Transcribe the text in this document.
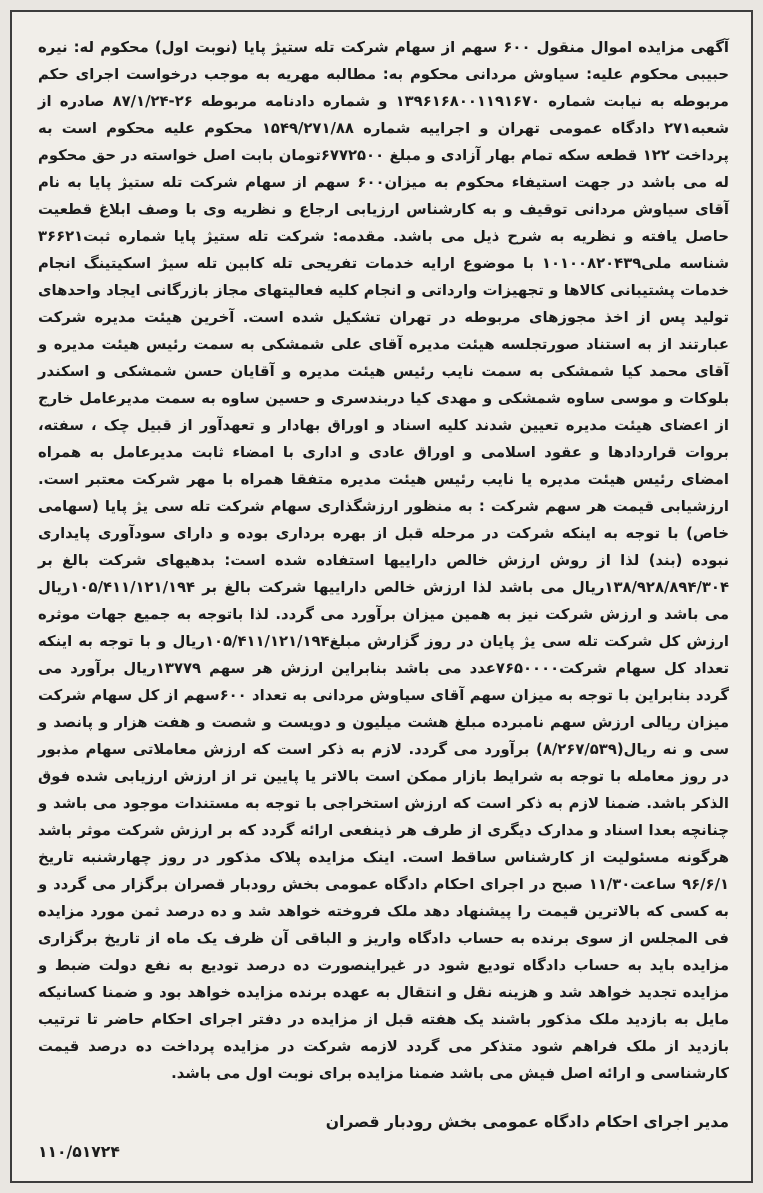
آگهی مزایده اموال منقول ۶۰۰ سهم از سهام شرکت تله ستیژ پایا (نوبت اول) محکوم له: نیره حبیبی محکوم علیه: سیاوش مردانی محکوم به: مطالبه مهریه به موجب درخواست اجرای حکم مربوطه به نیابت شماره ۱۳۹۶۱۶۸۰۰۱۱۹۱۶۷۰ و شماره دادنامه مربوطه ۲۶-۸۷/۱/۲۴ صادره از شعبه۲۷۱ دادگاه عمومی تهران و اجراییه شماره ۱۵۴۹/۲۷۱/۸۸ محکوم علیه محکوم است به پرداخت ۱۲۲ قطعه سکه تمام بهار آزادی و مبلغ ۶۷۷۲۵۰۰تومان بابت اصل خواسته در حق محکوم له می باشد در جهت استیفاء محکوم به میزان۶۰۰ سهم از سهام شرکت تله ستیژ پایا به نام آقای سیاوش مردانی توقیف و به کارشناس ارزیابی ارجاع و نظریه وی با وصف ابلاغ قطعیت حاصل یافته و نظریه به شرح ذیل می باشد. مقدمه: شرکت تله ستیژ پایا شماره ثبت۳۶۶۲۱ شناسه ملی۱۰۱۰۰۸۲۰۴۳۹ با موضوع ارایه خدمات تفریحی تله کابین تله سیژ اسکیتینگ انجام خدمات پشتیبانی کالاها و تجهیزات وارداتی و انجام کلیه فعالیتهای مجاز بازرگانی ایجاد واحدهای تولید پس از اخذ مجوزهای مربوطه در تهران تشکیل شده است. آخرین هیئت مدیره شرکت عبارتند از به استناد صورتجلسه هیئت مدیره آقای علی شمشکی به سمت رئیس هیئت مدیره و آقای محمد کیا شمشکی به سمت نایب رئیس هیئت مدیره و آقایان حسن شمشکی و اسکندر بلوکات و موسی ساوه شمشکی و مهدی کیا دربندسری و حسین ساوه به سمت مدیرعامل خارج از اعضای هیئت مدیره تعیین شدند کلیه اسناد و اوراق بهادار و تعهدآور از قبیل چک ، سفته، بروات قراردادها و عقود اسلامی و اوراق عادی و اداری با امضاء ثابت مدیرعامل به همراه امضای رئیس هیئت مدیره یا نایب رئیس هیئت مدیره متفقا همراه با مهر شرکت معتبر است. ارزشیابی قیمت هر سهم شرکت : به منظور ارزشگذاری سهام شرکت تله سی یژ پایا (سهامی خاص) با توجه به اینکه شرکت در مرحله قبل از بهره برداری بوده و دارای سودآوری پایداری نبوده (بند) لذا از روش ارزش خالص داراییها استفاده شده است: بدهیهای شرکت بالغ بر ۱۳۸/۹۲۸/۸۹۴/۳۰۴ریال می باشد لذا ارزش خالص داراییها شرکت بالغ بر ۱۰۵/۴۱۱/۱۲۱/۱۹۴ریال می باشد و ارزش شرکت نیز به همین میزان برآورد می گردد. لذا باتوجه به جمیع جهات موثره ارزش کل شرکت تله سی یژ پایان در روز گزارش مبلغ۱۰۵/۴۱۱/۱۲۱/۱۹۴ریال و با توجه به اینکه تعداد کل سهام شرکت۷۶۵۰۰۰۰عدد می باشد بنابراین ارزش هر سهم ۱۳۷۷۹ریال برآورد می گردد بنابراین با توجه به میزان سهم آقای سیاوش مردانی به تعداد ۶۰۰سهم از کل سهام شرکت میزان ریالی ارزش سهم نامبرده مبلغ هشت میلیون و دویست و شصت و هفت هزار و پانصد و سی و نه ریال(۸/۲۶۷/۵۳۹) برآورد می گردد. لازم به ذکر است که ارزش معاملاتی سهام مذبور در روز معامله با توجه به شرایط بازار ممکن است بالاتر یا پایین تر از ارزش ارزیابی شده فوق الذکر باشد. ضمنا لازم به ذکر است که ارزش استخراجی با توجه به مستندات موجود می باشد و چنانچه بعدا اسناد و مدارک دیگری از طرف هر ذینفعی ارائه گردد که بر ارزش شرکت موثر باشد هرگونه مسئولیت از کارشناس ساقط است. اینک مزایده پلاک مذکور در روز چهارشنبه تاریخ ۹۶/۶/۱ ساعت۱۱/۳۰ صبح در اجرای احکام دادگاه عمومی بخش رودبار قصران برگزار می گردد و به کسی که بالاترین قیمت را پیشنهاد دهد ملک فروخته خواهد شد و ده درصد ثمن مورد مزایده فی المجلس از سوی برنده به حساب دادگاه واریز و الباقی آن ظرف یک ماه از تاریخ برگزاری مزایده باید به حساب دادگاه تودیع شود در غیراینصورت ده درصد تودیع به نفع دولت ضبط و مزایده تجدید خواهد شد و هزینه نقل و انتقال به عهده برنده مزایده خواهد بود و ضمنا کسانیکه مایل به بازدید ملک مذکور باشند یک هفته قبل از مزایده در دفتر اجرای احکام حاضر تا ترتیب بازدید از ملک فراهم شود متذکر می گردد لازمه شرکت در مزایده پرداخت ده درصد قیمت کارشناسی و ارائه اصل فیش می باشد ضمنا مزایده برای نوبت اول می باشد.

مدیر اجرای احکام دادگاه عمومی بخش رودبار قصران
۱۱۰/۵۱۷۲۴
